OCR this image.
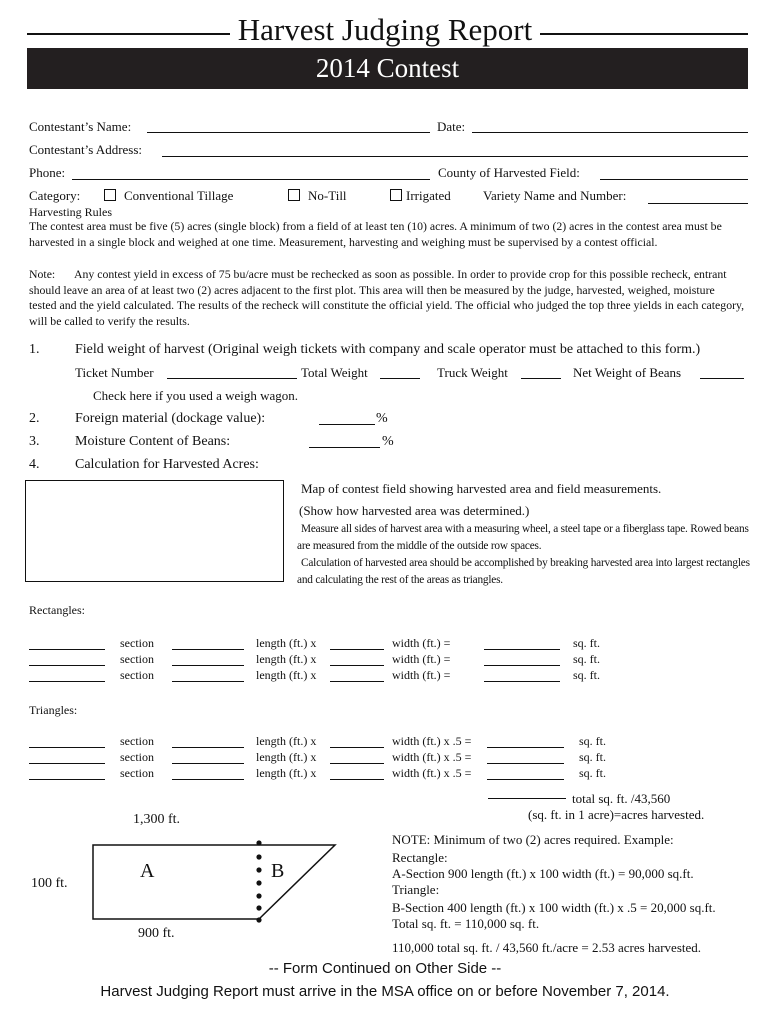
Harvest Judging Report
2014 Contest
Contestant’s Name:	Date:
Contestant’s Address:
Phone:	County of Harvested Field:
Category:	Conventional Tillage	No-Till	Irrigated Variety Name and Number:
Harvesting Rules
The contest area must be five (5) acres (single block) from a field of at least ten (10) acres. A minimum of two (2) acres in the contest area must be harvested in a single block and weighed at one time. Measurement, harvesting and weighing must be supervised by a contest official.
Note:	Any contest yield in excess of 75 bu/acre must be rechecked as soon as possible. In order to provide crop for this possible recheck, entrant should leave an area of at least two (2) acres adjacent to the first plot. This area will then be measured by the judge, harvested, weighed, moisture tested and the yield calculated. The results of the recheck will constitute the official yield. The official who judged the top three yields in each category, will be called to verify the results.
1.	Field weight of harvest (Original weigh tickets with company and scale operator must be attached to this form.)
Ticket Number	Total Weight	Truck Weight	Net Weight of Beans
Check here if you used a weigh wagon.
2.	Foreign material (dockage value):	%
3.	Moisture Content of Beans:	%
4.	Calculation for Harvested Acres:
Map of contest field showing harvested area and field measurements.
(Show how harvested area was determined.)
Measure all sides of harvest area with a measuring wheel, a steel tape or a fiberglass tape. Rowed beans are measured from the middle of the outside row spaces.
Calculation of harvested area should be accomplished by breaking harvested area into largest rectangles and calculating the rest of the areas as triangles.
Rectangles:
section	length (ft.) x	width (ft.) =	sq. ft.
section	length (ft.) x	width (ft.) =	sq. ft.
section	length (ft.) x	width (ft.) =	sq. ft.
Triangles:
section	length (ft.) x	width (ft.) x .5 =	sq. ft.
section	length (ft.) x	width (ft.) x .5 =	sq. ft.
section	length (ft.) x	width (ft.) x .5 =	sq. ft.
total sq. ft. /43,560
(sq. ft. in 1 acre)=acres harvested.
1,300 ft.
100 ft.
900 ft.
A	B
NOTE: Minimum of two (2) acres required. Example:
Rectangle:
A-Section 900 length (ft.) x 100 width (ft.) = 90,000 sq.ft.
Triangle:
B-Section 400 length (ft.) x 100 width (ft.) x .5 = 20,000 sq.ft.
Total sq. ft. = 110,000 sq. ft.
110,000 total sq. ft. / 43,560 ft./acre = 2.53 acres harvested.
-- Form Continued on Other Side --
Harvest Judging Report must arrive in the MSA office on or before November 7, 2014.
